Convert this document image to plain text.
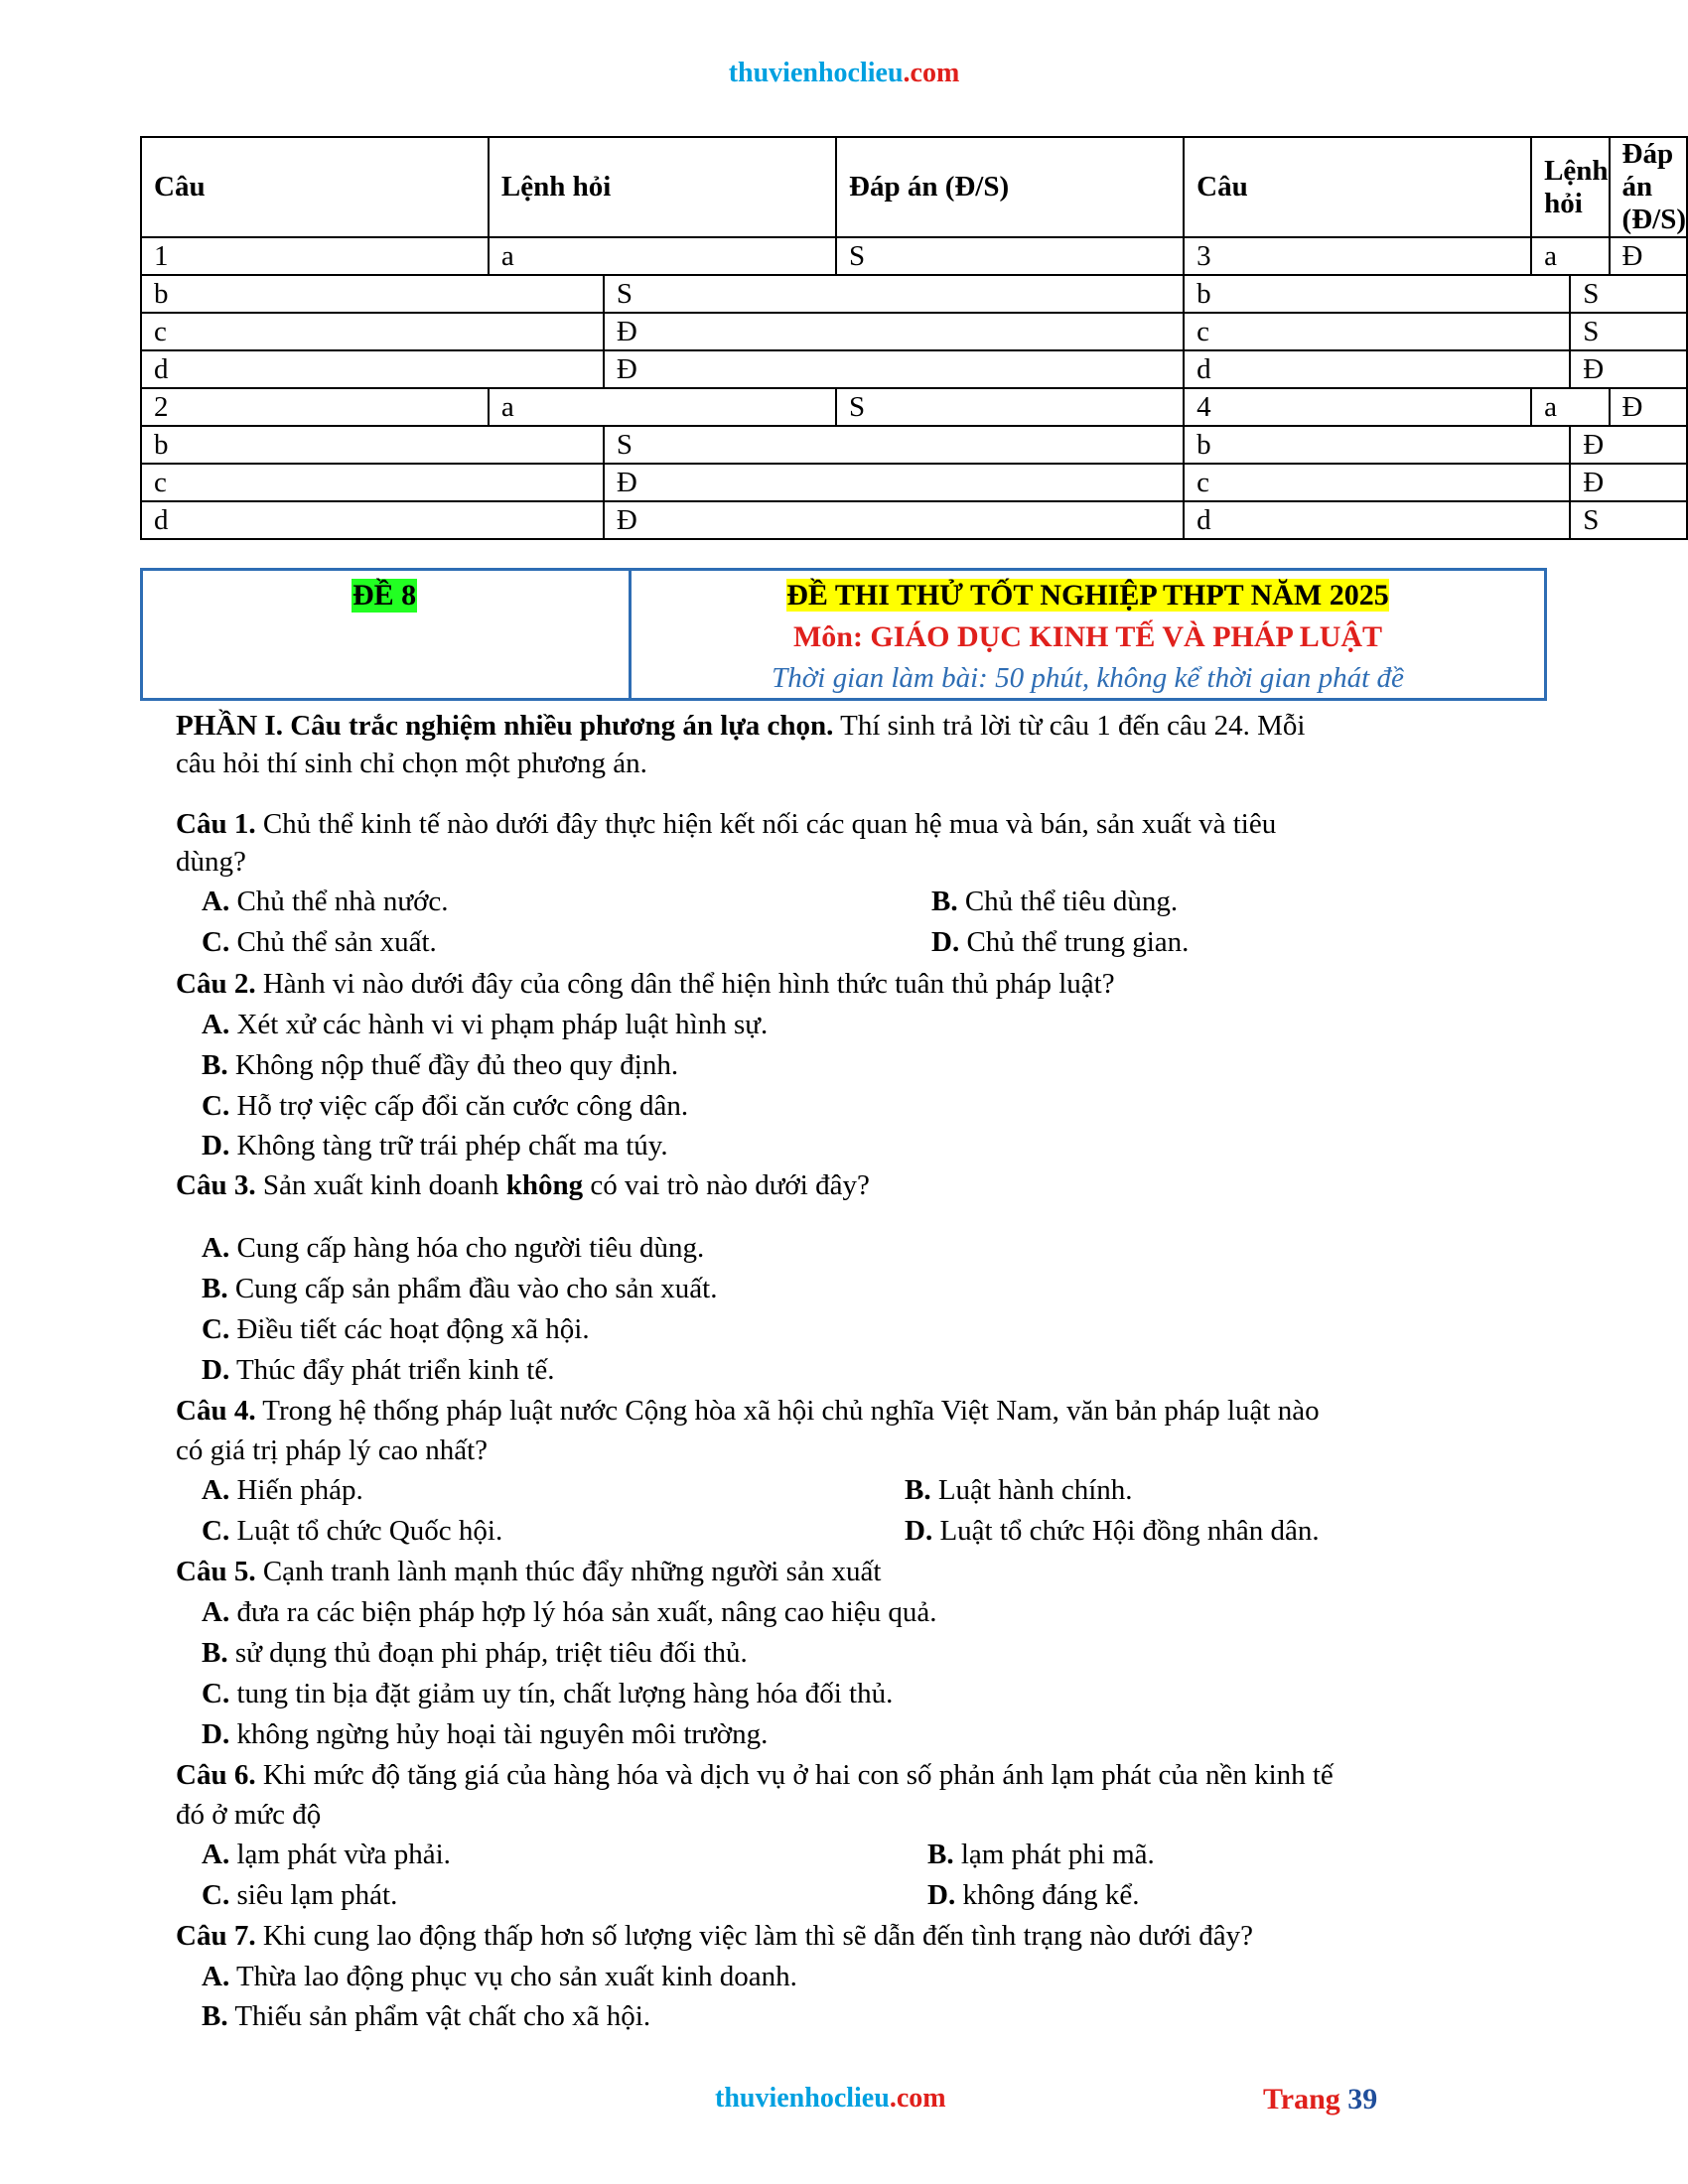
thuvienhoclieu.com
Câu	Lệnh hỏi		Đáp án (Đ/S)	Câu	Lệnh hỏi		Đáp án (Đ/S)
1	a		S	3	a		Đ
b		S		b		S	
c		Đ		c		S	
d		Đ		d		Đ	
2	a		S	4	a		Đ
b		S		b		Đ	
c		Đ		c		Đ	
d		Đ		d		S	
ĐỀ 8	ĐỀ THI THỬ TỐT NGHIỆP THPT NĂM 2025
Môn: GIÁO DỤC KINH TẾ VÀ PHÁP LUẬT
Thời gian làm bài: 50 phút, không kể thời gian phát đề
PHẦN I. Câu trắc nghiệm nhiều phương án lựa chọn. Thí sinh trả lời từ câu 1 đến câu 24. Mỗi
câu hỏi thí sinh chỉ chọn một phương án.
Câu 1. Chủ thể kinh tế nào dưới đây thực hiện kết nối các quan hệ mua và bán, sản xuất và tiêu
dùng?
A. Chủ thể nhà nước.	B. Chủ thể tiêu dùng.
C. Chủ thể sản xuất.	D. Chủ thể trung gian.
Câu 2. Hành vi nào dưới đây của công dân thể hiện hình thức tuân thủ pháp luật?
A. Xét xử các hành vi vi phạm pháp luật hình sự.
B. Không nộp thuế đầy đủ theo quy định.
C. Hỗ trợ việc cấp đổi căn cước công dân.
D. Không tàng trữ trái phép chất ma túy.
Câu 3. Sản xuất kinh doanh không có vai trò nào dưới đây?
A. Cung cấp hàng hóa cho người tiêu dùng.
B. Cung cấp sản phẩm đầu vào cho sản xuất.
C. Điều tiết các hoạt động xã hội.
D. Thúc đẩy phát triển kinh tế.
Câu 4. Trong hệ thống pháp luật nước Cộng hòa xã hội chủ nghĩa Việt Nam, văn bản pháp luật nào
có giá trị pháp lý cao nhất?
A. Hiến pháp.	B. Luật hành chính.
C. Luật tổ chức Quốc hội.	D. Luật tổ chức Hội đồng nhân dân.
Câu 5. Cạnh tranh lành mạnh thúc đẩy những người sản xuất
A. đưa ra các biện pháp hợp lý hóa sản xuất, nâng cao hiệu quả.
B. sử dụng thủ đoạn phi pháp, triệt tiêu đối thủ.
C. tung tin bịa đặt giảm uy tín, chất lượng hàng hóa đối thủ.
D. không ngừng hủy hoại tài nguyên môi trường.
Câu 6. Khi mức độ tăng giá của hàng hóa và dịch vụ ở hai con số phản ánh lạm phát của nền kinh tế
đó ở mức độ
A. lạm phát vừa phải.	B. lạm phát phi mã.
C. siêu lạm phát.	D. không đáng kể.
Câu 7. Khi cung lao động thấp hơn số lượng việc làm thì sẽ dẫn đến tình trạng nào dưới đây?
A. Thừa lao động phục vụ cho sản xuất kinh doanh.
B. Thiếu sản phẩm vật chất cho xã hội.
thuvienhoclieu.com	Trang 39
